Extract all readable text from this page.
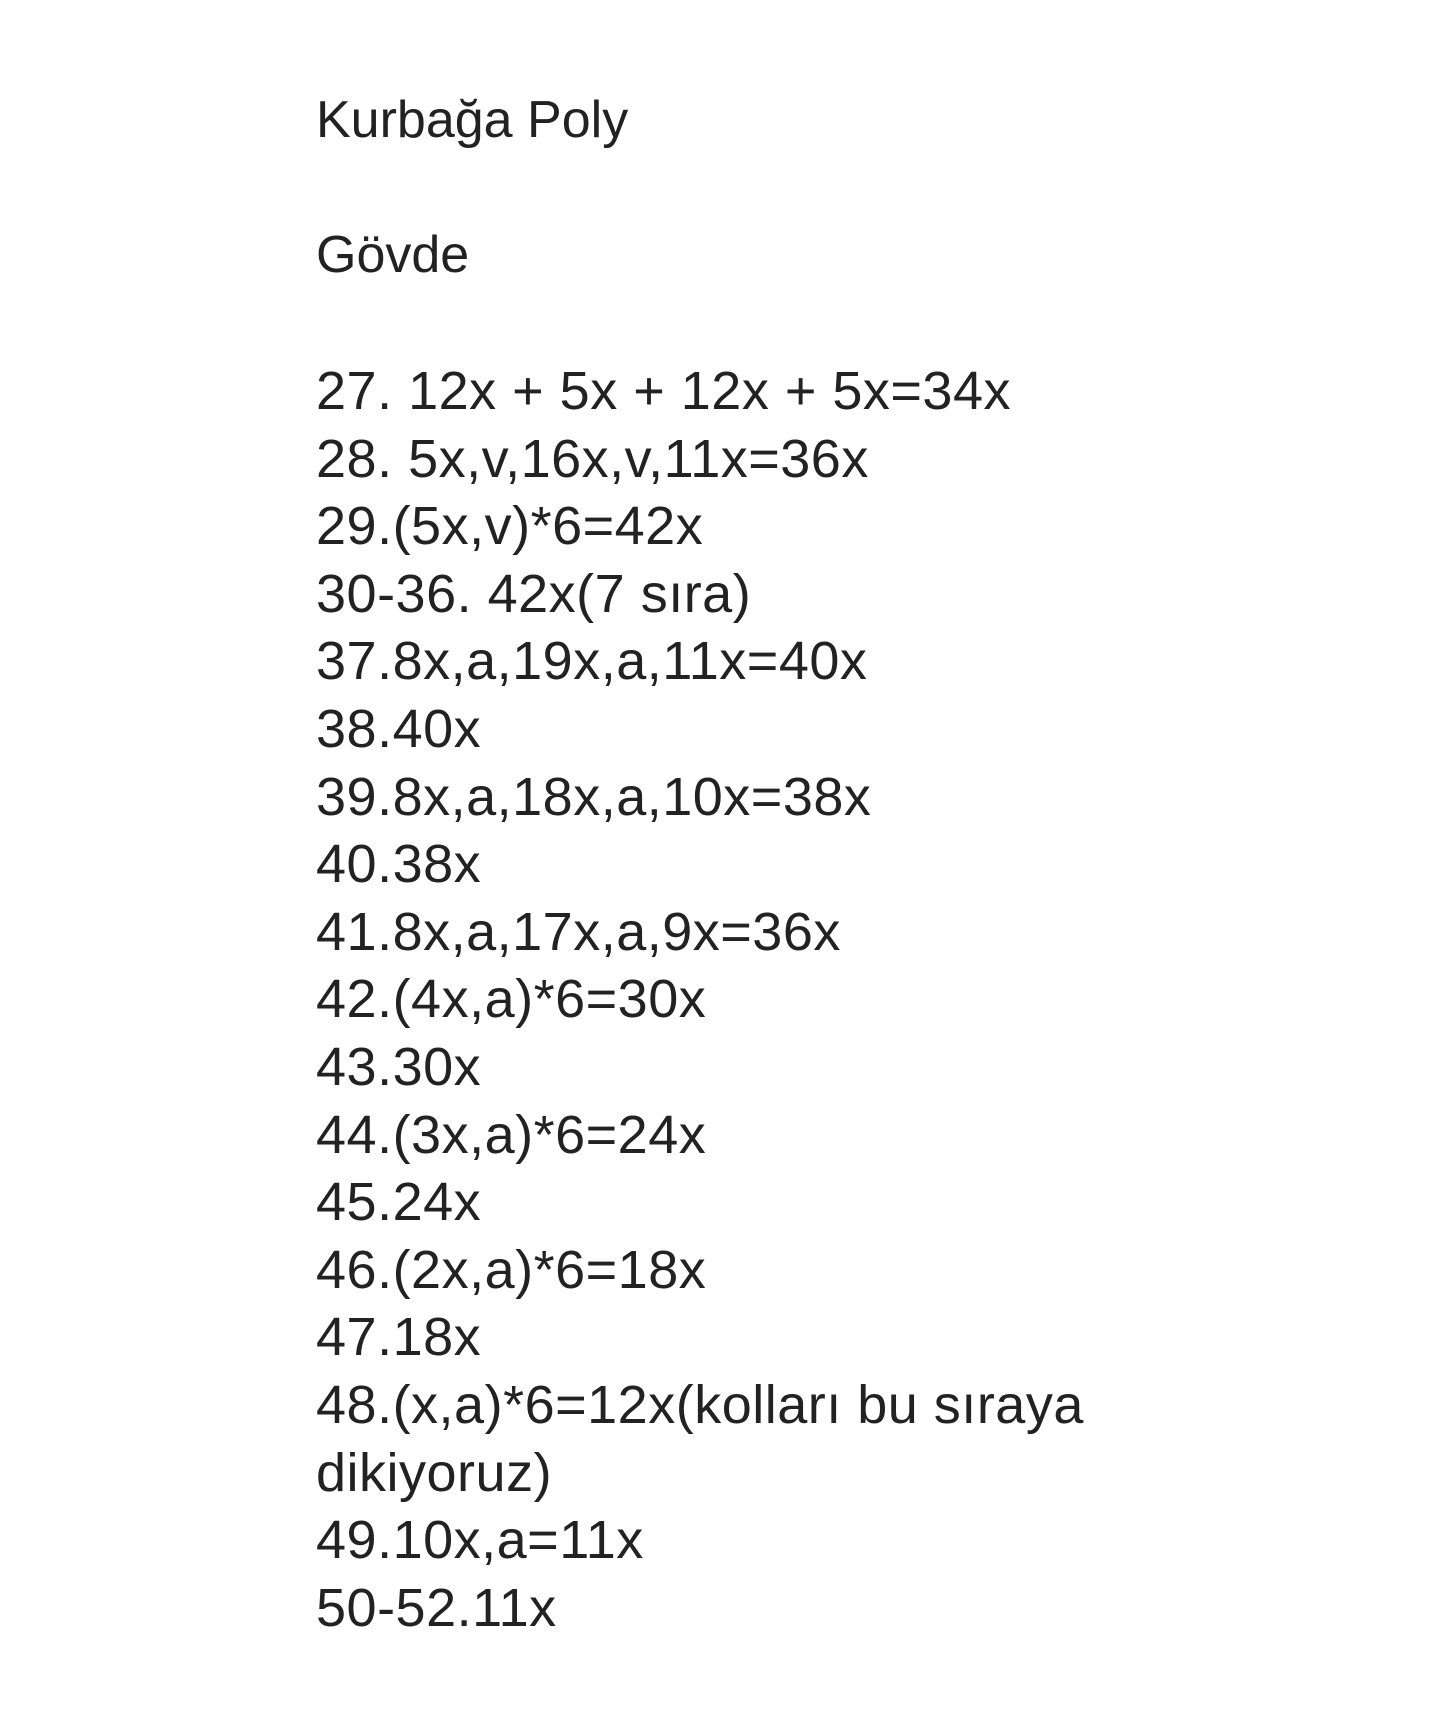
Kurbağa Poly
Gövde
27. 12x + 5x + 12x + 5x=34x
28. 5x,v,16x,v,11x=36x
29.(5x,v)*6=42x
30-36. 42x(7 sıra)
37.8x,a,19x,a,11x=40x
38.40x
39.8x,a,18x,a,10x=38x
40.38x
41.8x,a,17x,a,9x=36x
42.(4x,a)*6=30x
43.30x
44.(3x,a)*6=24x
45.24x
46.(2x,a)*6=18x
47.18x
48.(x,a)*6=12x(kolları bu sıraya
dikiyoruz)
49.10x,a=11x
50-52.11x
